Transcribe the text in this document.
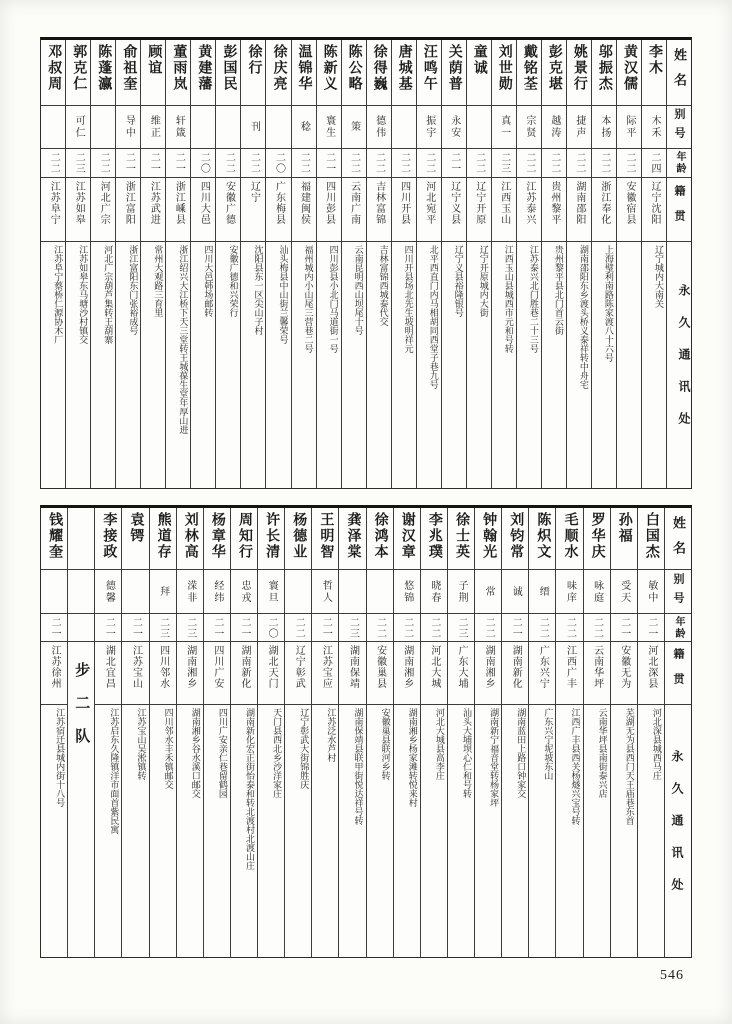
姓名
别号
年龄
籍贯
永久通讯处
李木
木禾
二四
辽宁沈阳
辽宁城内大南关
黄汉儒
际平
二二
安徽宿县
邬振杰
本扬
二二
浙江奉化
上海璧利南路陈家渡八十六号
姚景行
捷声
二二
湖南邵阳
湖南邵阳东乡渡头桥义泰祥转中舟宅
彭克堪
越涛
二二
贵州黎平
贵州黎平县北门首云街
戴铭荃
宗贤
二二
江苏泰兴
江苏泰兴北门胜巷二十三号
刘世勋
真一
二三
江西玉山
江西玉山县城西市元和号转
童诚
二二
辽宁开原
辽宁开原城内大街
关荫普
永安
二一
辽宁义县
辽宁义县裕隆银号
汪鸣午
振宇
二二
河北宛平
北平西直门内马相胡同西堂子巷九号
唐城基
二二
四川开县
四川开县场北先生坡明祥元
徐得巍
德伟
二二
吉林富锦
吉林富锦西城泰代交
陈公略
策
二二
云南广南
云南昆明西山坝尾十号
陈新义
寰生
二一
四川彭县
四川彭县小北门马道街一号
温锦华
稔
二二
福建闽侯
福州城内小山尾三营巷二号
徐庆亮
二〇
广东梅县
汕头梅县中山街兰馨荣号
徐行
刊
二二
辽宁
沈阳县东一区尖山子村
彭国民
二二
安徽广德
安徽广德和兴荣行
黄建藩
二〇
四川大邑
四川大邑韩场邮转
董雨岚
轩箴
二一
浙江嵊县
浙江绍兴大江桥下天三堂转王城葆生堂年厚山进
顾谊
维正
二一
江苏武进
常州大观路三育里
俞祖奎
导中
二一
浙江富阳
浙江富阳东门张裕成号
陈蓬瀛
二二
河北广宗
河北广宗葫芦集转王葫寨
郭克仁
可仁
二三
江苏如皋
江苏如皋东马塘沙村镇交
邓叔周
二二
江苏阜宁
江苏阜宁蔡桥仁源协木厂
姓名
别号
年龄
籍贯
永久通讯处
白国杰
敏中
二一
河北深县
河北深县城西马庄
孙福
受天
二一
安徽无为
芜湖无为县西门天王庙巷东首
罗华庆
咏庭
二二
云南华坪
云南华坪县南街泰兴店
毛顺水
味庠
二二
江西广丰
江西广丰县西关杨燧兴宝号转
陈炽文
缙
二二
广东兴宁
广东兴宁坭坡东山
刘钧常
诚
二一
湖南新化
湖南蓝田上路口钟家交
钟翰光
常
二二
湖南湘乡
湖南新宁福音堂转杨家坪
徐士英
子荆
二三
广东大埔
汕头大埔坝心仁和号转
李兆璞
晓春
二二
河北大城
河北大城县高李庄
谢汉章
悠锦
二二
湖南湘乡
湖南湘乡杨家滩转悦来村
徐鸿本
二二
安徽巢县
安徽巢县联河乡转
龚泽棠
二三
湖南保靖
湖南保靖县联甲街悦达祥号转
王明智
哲人
二一
江苏宝应
江苏泛水芦村
杨德业
二二
辽宁彰武
辽宁彰武大街锦胜庆
许长清
寰旦
二〇
湖北天门
天门县西北乡沙洋家庄
周知行
忠戎
二一
湖南新化
湖南新化宏正街怡泰和转北渡村北渡山庄
杨章华
经纬
二一
四川广安
四川广安亲仁巷留鹤园
刘林高
溁非
二三
湖南湘乡
湖南湘乡谷水溪口邮交
熊道存
拜
二三
四川邻水
四川邻水丰禾镇邮交
袁锷
二一
江苏宝山
江苏宝山吴淞镇转
李接政
德馨
二一
湖北宜昌
江苏启东久隆镇洋市面首紫民寓
步二队
钱耀奎
二一
江苏徐州
江苏宿迁县城内街十八号
546
